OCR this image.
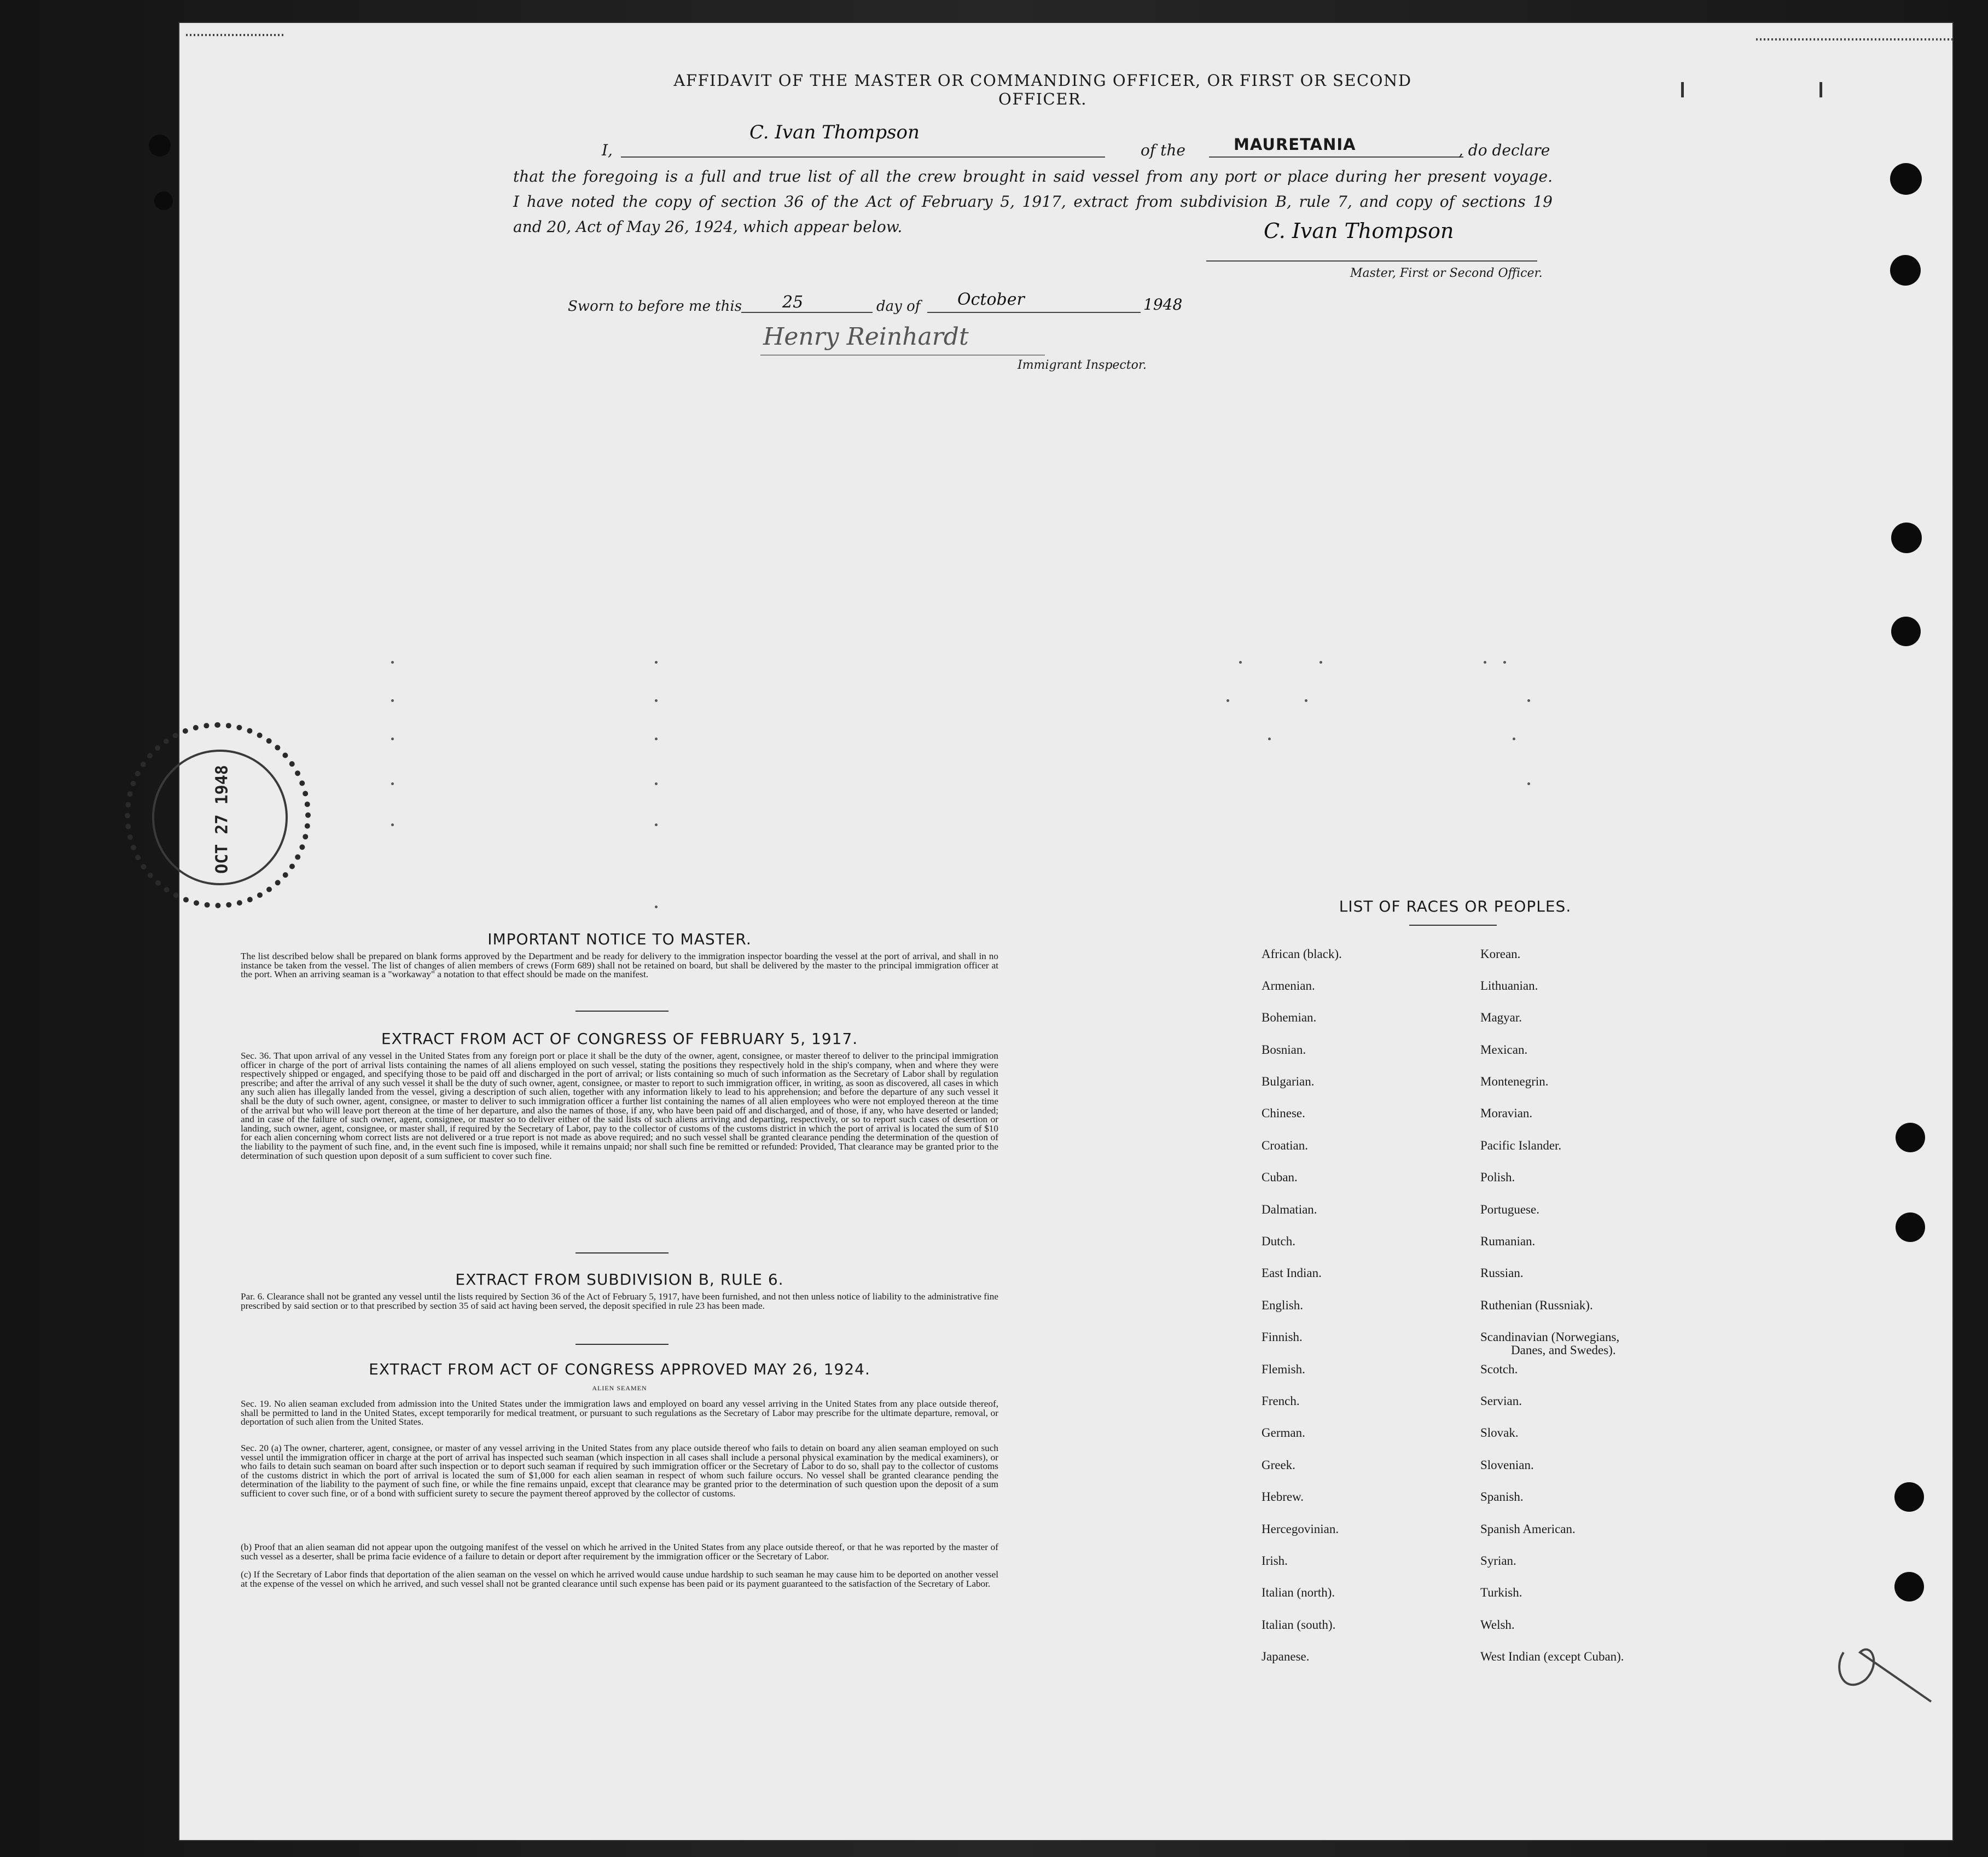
AFFIDAVIT OF THE MASTER OR COMMANDING OFFICER, OR FIRST OR SECOND OFFICER.
I,
C. Ivan Thompson
of the	MAURETANIA	, do declare
that the foregoing is a full and true list of all the crew brought in said vessel from any port or place during her present voyage.
I have noted the copy of section 36 of the Act of February 5, 1917, extract from subdivision B, rule 7, and copy of sections 19
and 20, Act of May 26, 1924, which appear below.	C. Ivan Thompson
Master, First or Second Officer.
Sworn to before me this 25	day of October	1948
Henry Reinhardt
Immigrant Inspector.
OCT 27 1948
IMPORTANT NOTICE TO MASTER.
The list described below shall be prepared on blank forms approved by the Department and be ready for delivery to the immigration inspector boarding the vessel at the port of arrival, and shall in no instance be taken from the vessel. The list of changes of alien members of crews (Form 689) shall not be retained on board, but shall be delivered by the master to the principal immigration officer at the port. When an arriving seaman is a "workaway" a notation to that effect should be made on the manifest.
EXTRACT FROM ACT OF CONGRESS OF FEBRUARY 5, 1917.
Sec. 36. That upon arrival of any vessel in the United States from any foreign port or place it shall be the duty of the owner, agent, consignee, or master thereof to deliver to the principal immigration officer in charge of the port of arrival lists containing the names of all aliens employed on such vessel, stating the positions they respectively hold in the ship's company, when and where they were respectively shipped or engaged, and specifying those to be paid off and discharged in the port of arrival; or lists containing so much of such information as the Secretary of Labor shall by regulation prescribe; and after the arrival of any such vessel it shall be the duty of such owner, agent, consignee, or master to report to such immigration officer, in writing, as soon as discovered, all cases in which any such alien has illegally landed from the vessel, giving a description of such alien, together with any information likely to lead to his apprehension; and before the departure of any such vessel it shall be the duty of such owner, agent, consignee, or master to deliver to such immigration officer a further list containing the names of all alien employees who were not employed thereon at the time of the arrival but who will leave port thereon at the time of her departure, and also the names of those, if any, who have been paid off and discharged, and of those, if any, who have deserted or landed; and in case of the failure of such owner, agent, consignee, or master so to deliver either of the said lists of such aliens arriving and departing, respectively, or so to report such cases of desertion or landing, such owner, agent, consignee, or master shall, if required by the Secretary of Labor, pay to the collector of customs of the customs district in which the port of arrival is located the sum of $10 for each alien concerning whom correct lists are not delivered or a true report is not made as above required; and no such vessel shall be granted clearance pending the determination of the question of the liability to the payment of such fine, and, in the event such fine is imposed, while it remains unpaid; nor shall such fine be remitted or refunded: Provided, That clearance may be granted prior to the determination of such question upon deposit of a sum sufficient to cover such fine.
EXTRACT FROM SUBDIVISION B, RULE 6.
Par. 6. Clearance shall not be granted any vessel until the lists required by Section 36 of the Act of February 5, 1917, have been furnished, and not then unless notice of liability to the administrative fine prescribed by said section or to that prescribed by section 35 of said act having been served, the deposit specified in rule 23 has been made.
EXTRACT FROM ACT OF CONGRESS APPROVED MAY 26, 1924.
ALIEN SEAMEN
Sec. 19. No alien seaman excluded from admission into the United States under the immigration laws and employed on board any vessel arriving in the United States from any place outside thereof, shall be permitted to land in the United States, except temporarily for medical treatment, or pursuant to such regulations as the Secretary of Labor may prescribe for the ultimate departure, removal, or deportation of such alien from the United States.
Sec. 20 (a) The owner, charterer, agent, consignee, or master of any vessel arriving in the United States from any place outside thereof who fails to detain on board any alien seaman employed on such vessel until the immigration officer in charge at the port of arrival has inspected such seaman (which inspection in all cases shall include a personal physical examination by the medical examiners), or who fails to detain such seaman on board after such inspection or to deport such seaman if required by such immigration officer or the Secretary of Labor to do so, shall pay to the collector of customs of the customs district in which the port of arrival is located the sum of $1,000 for each alien seaman in respect of whom such failure occurs. No vessel shall be granted clearance pending the determination of the liability to the payment of such fine, or while the fine remains unpaid, except that clearance may be granted prior to the determination of such question upon the deposit of a sum sufficient to cover such fine, or of a bond with sufficient surety to secure the payment thereof approved by the collector of customs.
(b) Proof that an alien seaman did not appear upon the outgoing manifest of the vessel on which he arrived in the United States from any place outside thereof, or that he was reported by the master of such vessel as a deserter, shall be prima facie evidence of a failure to detain or deport after requirement by the immigration officer or the Secretary of Labor.
(c) If the Secretary of Labor finds that deportation of the alien seaman on the vessel on which he arrived would cause undue hardship to such seaman he may cause him to be deported on another vessel at the expense of the vessel on which he arrived, and such vessel shall not be granted clearance until such expense has been paid or its payment guaranteed to the satisfaction of the Secretary of Labor.
LIST OF RACES OR PEOPLES.
African (black).
Armenian.
Bohemian.
Bosnian.
Bulgarian.
Chinese.
Croatian.
Cuban.
Dalmatian.
Dutch.
East Indian.
English.
Finnish.
Flemish.
French.
German.
Greek.
Hebrew.
Hercegovinian.
Irish.
Italian (north).
Italian (south).
Japanese.
Korean.
Lithuanian.
Magyar.
Mexican.
Montenegrin.
Moravian.
Pacific Islander.
Polish.
Portuguese.
Rumanian.
Russian.
Ruthenian (Russniak).
Scandinavian (Norwegians,
Danes, and Swedes).
Scotch.
Servian.
Slovak.
Slovenian.
Spanish.
Spanish American.
Syrian.
Turkish.
Welsh.
West Indian (except Cuban).
